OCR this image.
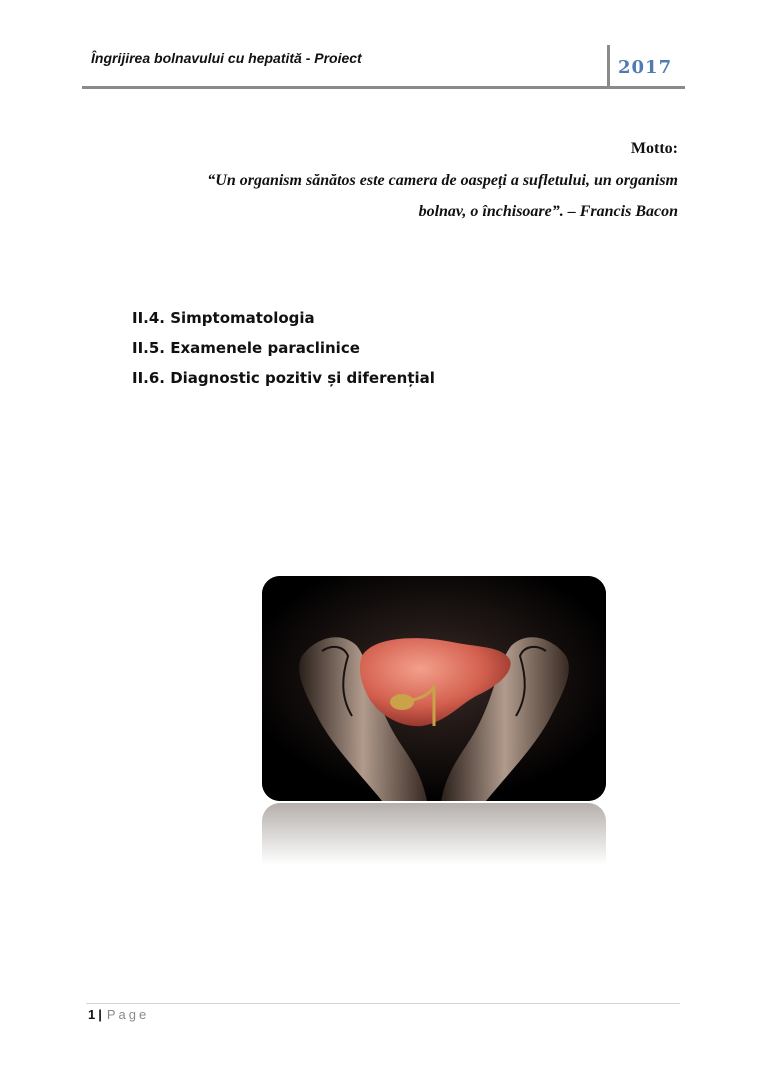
Îngrijirea bolnavului cu hepatită - Proiect	2017
Motto:
“Un organism sănătos este camera de oaspeți a sufletului, un organism
bolnav, o închisoare”. – Francis Bacon
II.4. Simptomatologia
II.5. Examenele paraclinice
II.6. Diagnostic pozitiv și diferențial
1 | Page
